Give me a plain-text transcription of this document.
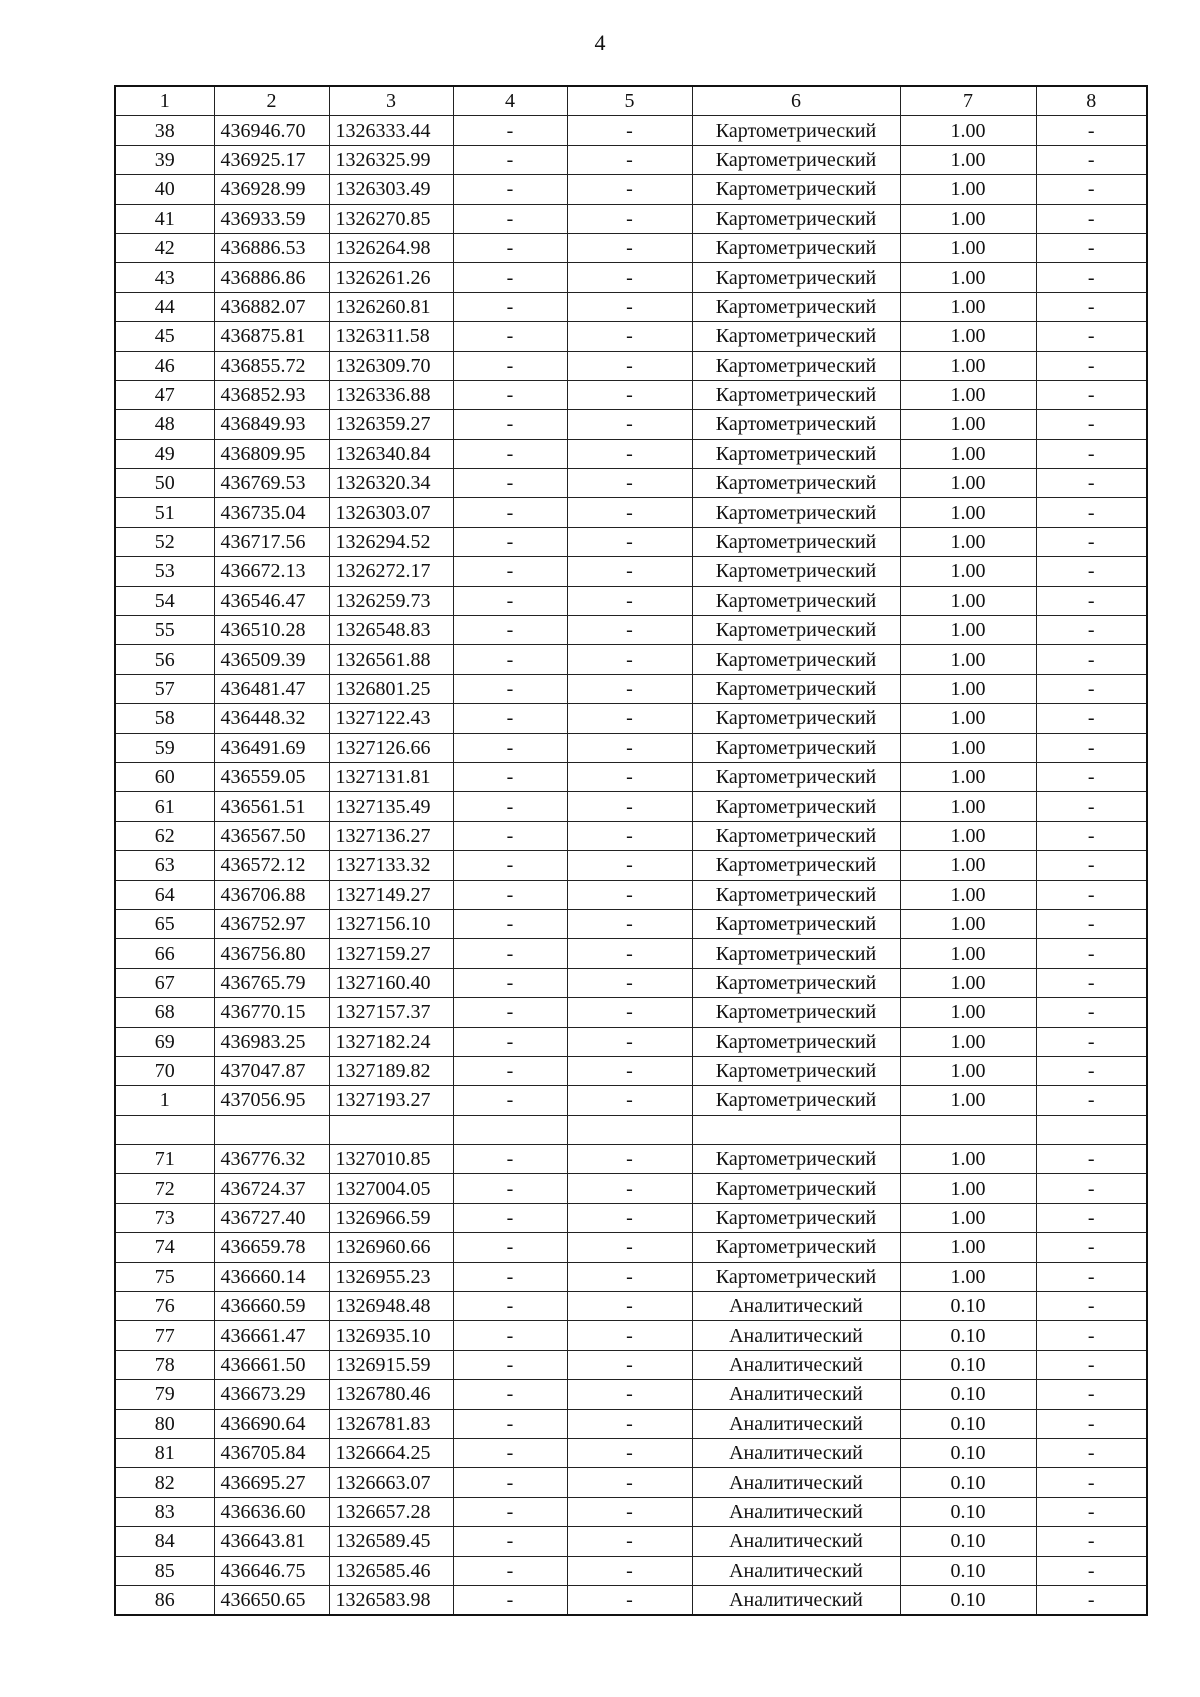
4
1	2	3	4	5	6	7	8
38	436946.70	1326333.44	-	-	Картометрический	1.00	-
39	436925.17	1326325.99	-	-	Картометрический	1.00	-
40	436928.99	1326303.49	-	-	Картометрический	1.00	-
41	436933.59	1326270.85	-	-	Картометрический	1.00	-
42	436886.53	1326264.98	-	-	Картометрический	1.00	-
43	436886.86	1326261.26	-	-	Картометрический	1.00	-
44	436882.07	1326260.81	-	-	Картометрический	1.00	-
45	436875.81	1326311.58	-	-	Картометрический	1.00	-
46	436855.72	1326309.70	-	-	Картометрический	1.00	-
47	436852.93	1326336.88	-	-	Картометрический	1.00	-
48	436849.93	1326359.27	-	-	Картометрический	1.00	-
49	436809.95	1326340.84	-	-	Картометрический	1.00	-
50	436769.53	1326320.34	-	-	Картометрический	1.00	-
51	436735.04	1326303.07	-	-	Картометрический	1.00	-
52	436717.56	1326294.52	-	-	Картометрический	1.00	-
53	436672.13	1326272.17	-	-	Картометрический	1.00	-
54	436546.47	1326259.73	-	-	Картометрический	1.00	-
55	436510.28	1326548.83	-	-	Картометрический	1.00	-
56	436509.39	1326561.88	-	-	Картометрический	1.00	-
57	436481.47	1326801.25	-	-	Картометрический	1.00	-
58	436448.32	1327122.43	-	-	Картометрический	1.00	-
59	436491.69	1327126.66	-	-	Картометрический	1.00	-
60	436559.05	1327131.81	-	-	Картометрический	1.00	-
61	436561.51	1327135.49	-	-	Картометрический	1.00	-
62	436567.50	1327136.27	-	-	Картометрический	1.00	-
63	436572.12	1327133.32	-	-	Картометрический	1.00	-
64	436706.88	1327149.27	-	-	Картометрический	1.00	-
65	436752.97	1327156.10	-	-	Картометрический	1.00	-
66	436756.80	1327159.27	-	-	Картометрический	1.00	-
67	436765.79	1327160.40	-	-	Картометрический	1.00	-
68	436770.15	1327157.37	-	-	Картометрический	1.00	-
69	436983.25	1327182.24	-	-	Картометрический	1.00	-
70	437047.87	1327189.82	-	-	Картометрический	1.00	-
1	437056.95	1327193.27	-	-	Картометрический	1.00	-

71	436776.32	1327010.85	-	-	Картометрический	1.00	-
72	436724.37	1327004.05	-	-	Картометрический	1.00	-
73	436727.40	1326966.59	-	-	Картометрический	1.00	-
74	436659.78	1326960.66	-	-	Картометрический	1.00	-
75	436660.14	1326955.23	-	-	Картометрический	1.00	-
76	436660.59	1326948.48	-	-	Аналитический	0.10	-
77	436661.47	1326935.10	-	-	Аналитический	0.10	-
78	436661.50	1326915.59	-	-	Аналитический	0.10	-
79	436673.29	1326780.46	-	-	Аналитический	0.10	-
80	436690.64	1326781.83	-	-	Аналитический	0.10	-
81	436705.84	1326664.25	-	-	Аналитический	0.10	-
82	436695.27	1326663.07	-	-	Аналитический	0.10	-
83	436636.60	1326657.28	-	-	Аналитический	0.10	-
84	436643.81	1326589.45	-	-	Аналитический	0.10	-
85	436646.75	1326585.46	-	-	Аналитический	0.10	-
86	436650.65	1326583.98	-	-	Аналитический	0.10	-
